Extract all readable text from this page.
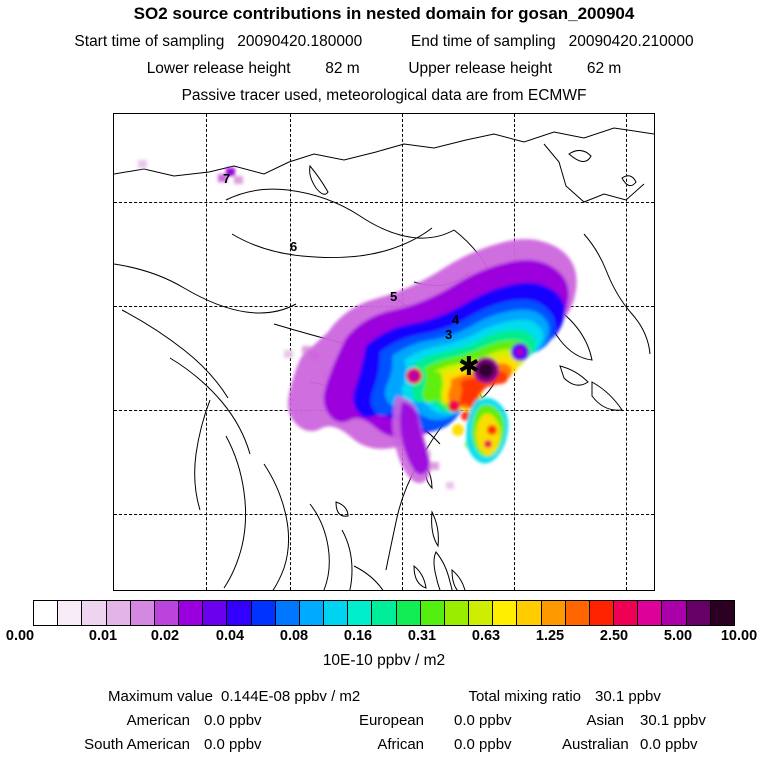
SO2 source contributions in nested domain for gosan_200904
Start time of sampling 20090420.180000	End time of sampling 20090420.210000
Lower release height 82 m	Upper release height 62 m
Passive tracer used, meteorological data are from ECMWF
7
6
5
4
3
✱
0.00	0.01 0.02	0.04 0.08 0.16 0.31 0.63 1.25 2.50 5.00 10.00
10E-10 ppbv / m2
Maximum value 0.144E-08 ppbv / m2	Total mixing ratio 30.1 ppbv
American 0.0 ppbv	European 0.0 ppbv	Asian 30.1 ppbv
South American 0.0 ppbv	African 0.0 ppbv	Australian 0.0 ppbv
